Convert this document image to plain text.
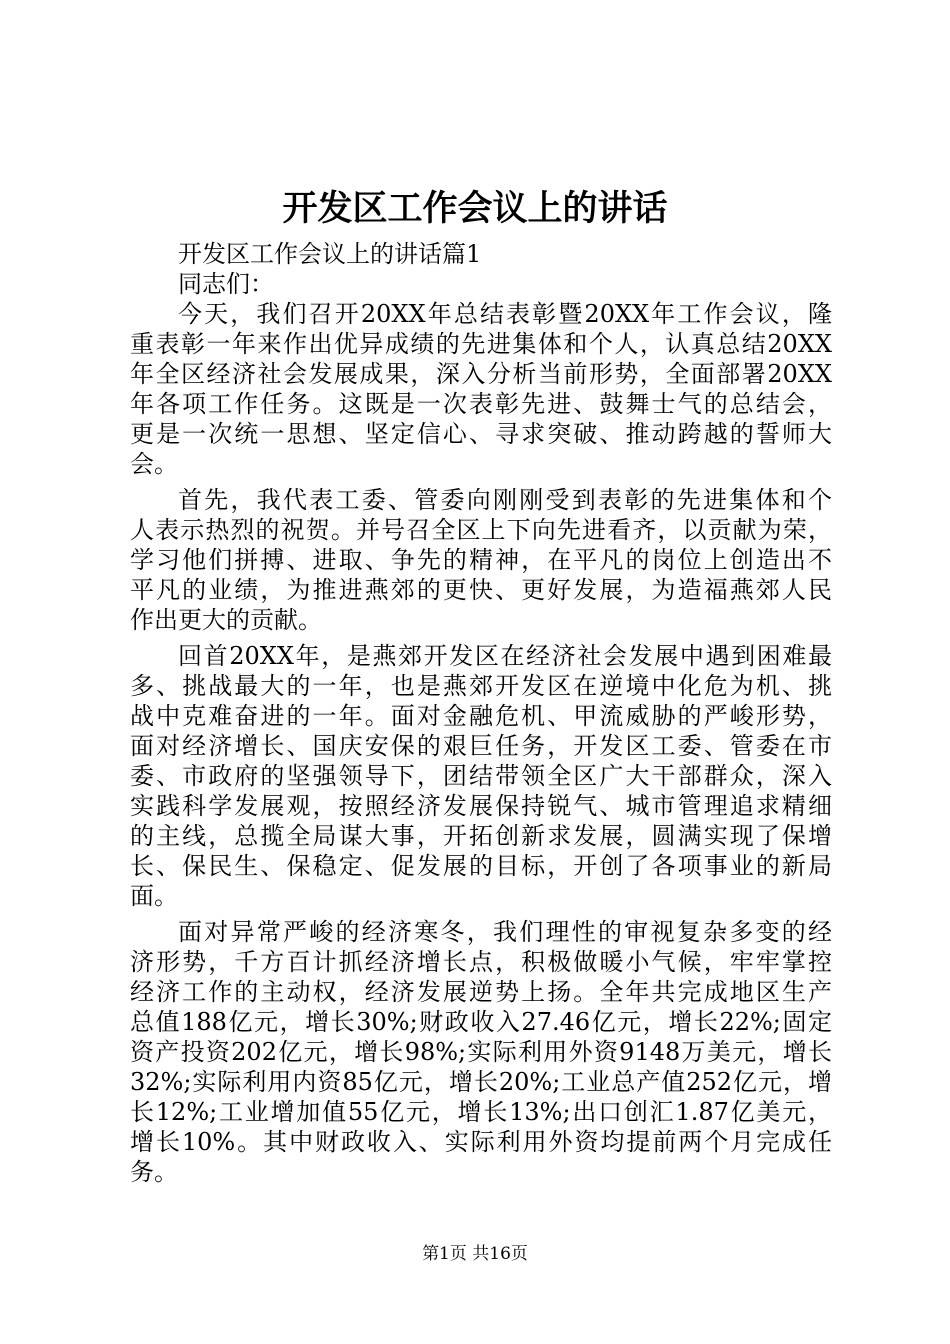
开发区工作会议上的讲话
开发区工作会议上的讲话篇1
同志们：
今天，我们召开20XX年总结表彰暨20XX年工作会议，隆
重表彰一年来作出优异成绩的先进集体和个人，认真总结20XX
年全区经济社会发展成果，深入分析当前形势，全面部署20XX
年各项工作任务。这既是一次表彰先进、鼓舞士气的总结会，
更是一次统一思想、坚定信心、寻求突破、推动跨越的誓师大
会。
首先，我代表工委、管委向刚刚受到表彰的先进集体和个
人表示热烈的祝贺。并号召全区上下向先进看齐，以贡献为荣，
学习他们拼搏、进取、争先的精神，在平凡的岗位上创造出不
平凡的业绩，为推进燕郊的更快、更好发展，为造福燕郊人民
作出更大的贡献。
回首20XX年，是燕郊开发区在经济社会发展中遇到困难最
多、挑战最大的一年，也是燕郊开发区在逆境中化危为机、挑
战中克难奋进的一年。面对金融危机、甲流威胁的严峻形势，
面对经济增长、国庆安保的艰巨任务，开发区工委、管委在市
委、市政府的坚强领导下，团结带领全区广大干部群众，深入
实践科学发展观，按照经济发展保持锐气、城市管理追求精细
的主线，总揽全局谋大事，开拓创新求发展，圆满实现了保增
长、保民生、保稳定、促发展的目标，开创了各项事业的新局
面。
面对异常严峻的经济寒冬，我们理性的审视复杂多变的经
济形势，千方百计抓经济增长点，积极做暖小气候，牢牢掌控
经济工作的主动权，经济发展逆势上扬。全年共完成地区生产
总值188亿元，增长30%;财政收入27.46亿元，增长22%;固定
资产投资202亿元，增长98%;实际利用外资9148万美元，增长
32%;实际利用内资85亿元，增长20%;工业总产值252亿元，增
长12%;工业增加值55亿元，增长13%;出口创汇1.87亿美元，
增长10%。其中财政收入、实际利用外资均提前两个月完成任
务。
第1页 共16页
